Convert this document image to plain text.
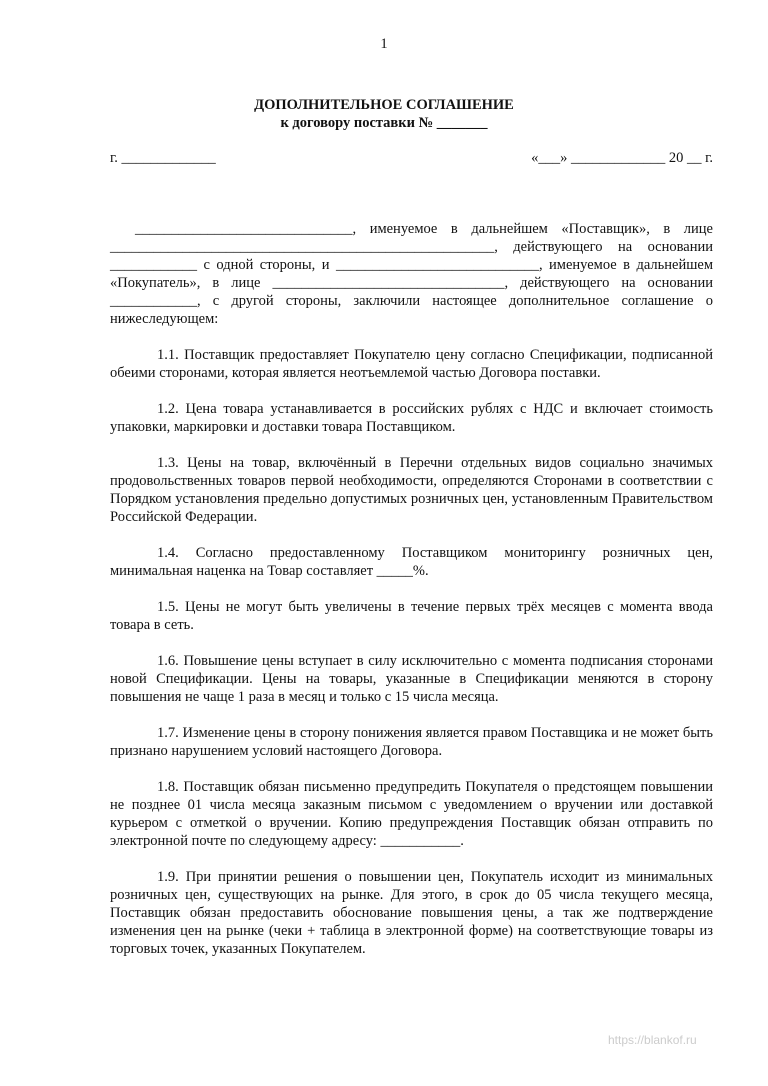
1
ДОПОЛНИТЕЛЬНОЕ СОГЛАШЕНИЕ
к договору поставки № _______
г. _____________	«___» _____________ 20 __ г.

______________________________, именуемое в дальнейшем «Поставщик», в лице _____________________________________________________, действующего на основании ____________ с одной стороны, и ____________________________, именуемое в дальнейшем «Покупатель», в лице ________________________________, действующего на основании ____________, с другой стороны, заключили настоящее дополнительное соглашение о нижеследующем:

1.1. Поставщик предоставляет Покупателю цену согласно Спецификации, подписанной обеими сторонами, которая является неотъемлемой частью Договора поставки.

1.2. Цена товара устанавливается в российских рублях с НДС и включает стоимость упаковки, маркировки и доставки товара Поставщиком.

1.3. Цены на товар, включённый в Перечни отдельных видов социально значимых продовольственных товаров первой необходимости, определяются Сторонами в соответствии с Порядком установления предельно допустимых розничных цен, установленным Правительством Российской Федерации.

1.4. Согласно предоставленному Поставщиком мониторингу розничных цен, минимальная наценка на Товар составляет _____%.

1.5. Цены не могут быть увеличены в течение первых трёх месяцев с момента ввода товара в сеть.

1.6. Повышение цены вступает в силу исключительно с момента подписания сторонами новой Спецификации. Цены на товары, указанные в Спецификации меняются в сторону повышения не чаще 1 раза в месяц и только с 15 числа месяца.

1.7. Изменение цены в сторону понижения является правом Поставщика и не может быть признано нарушением условий настоящего Договора.

1.8. Поставщик обязан письменно предупредить Покупателя о предстоящем повышении не позднее 01 числа месяца заказным письмом с уведомлением о вручении или доставкой курьером с отметкой о вручении. Копию предупреждения Поставщик обязан отправить по электронной почте по следующему адресу: ___________.

1.9. При принятии решения о повышении цен, Покупатель исходит из минимальных розничных цен, существующих на рынке. Для этого, в срок до 05 числа текущего месяца, Поставщик обязан предоставить обоснование повышения цены, а так же подтверждение изменения цен на рынке (чеки + таблица в электронной форме) на соответствующие товары из торговых точек, указанных Покупателем.

https://blankof.ru
